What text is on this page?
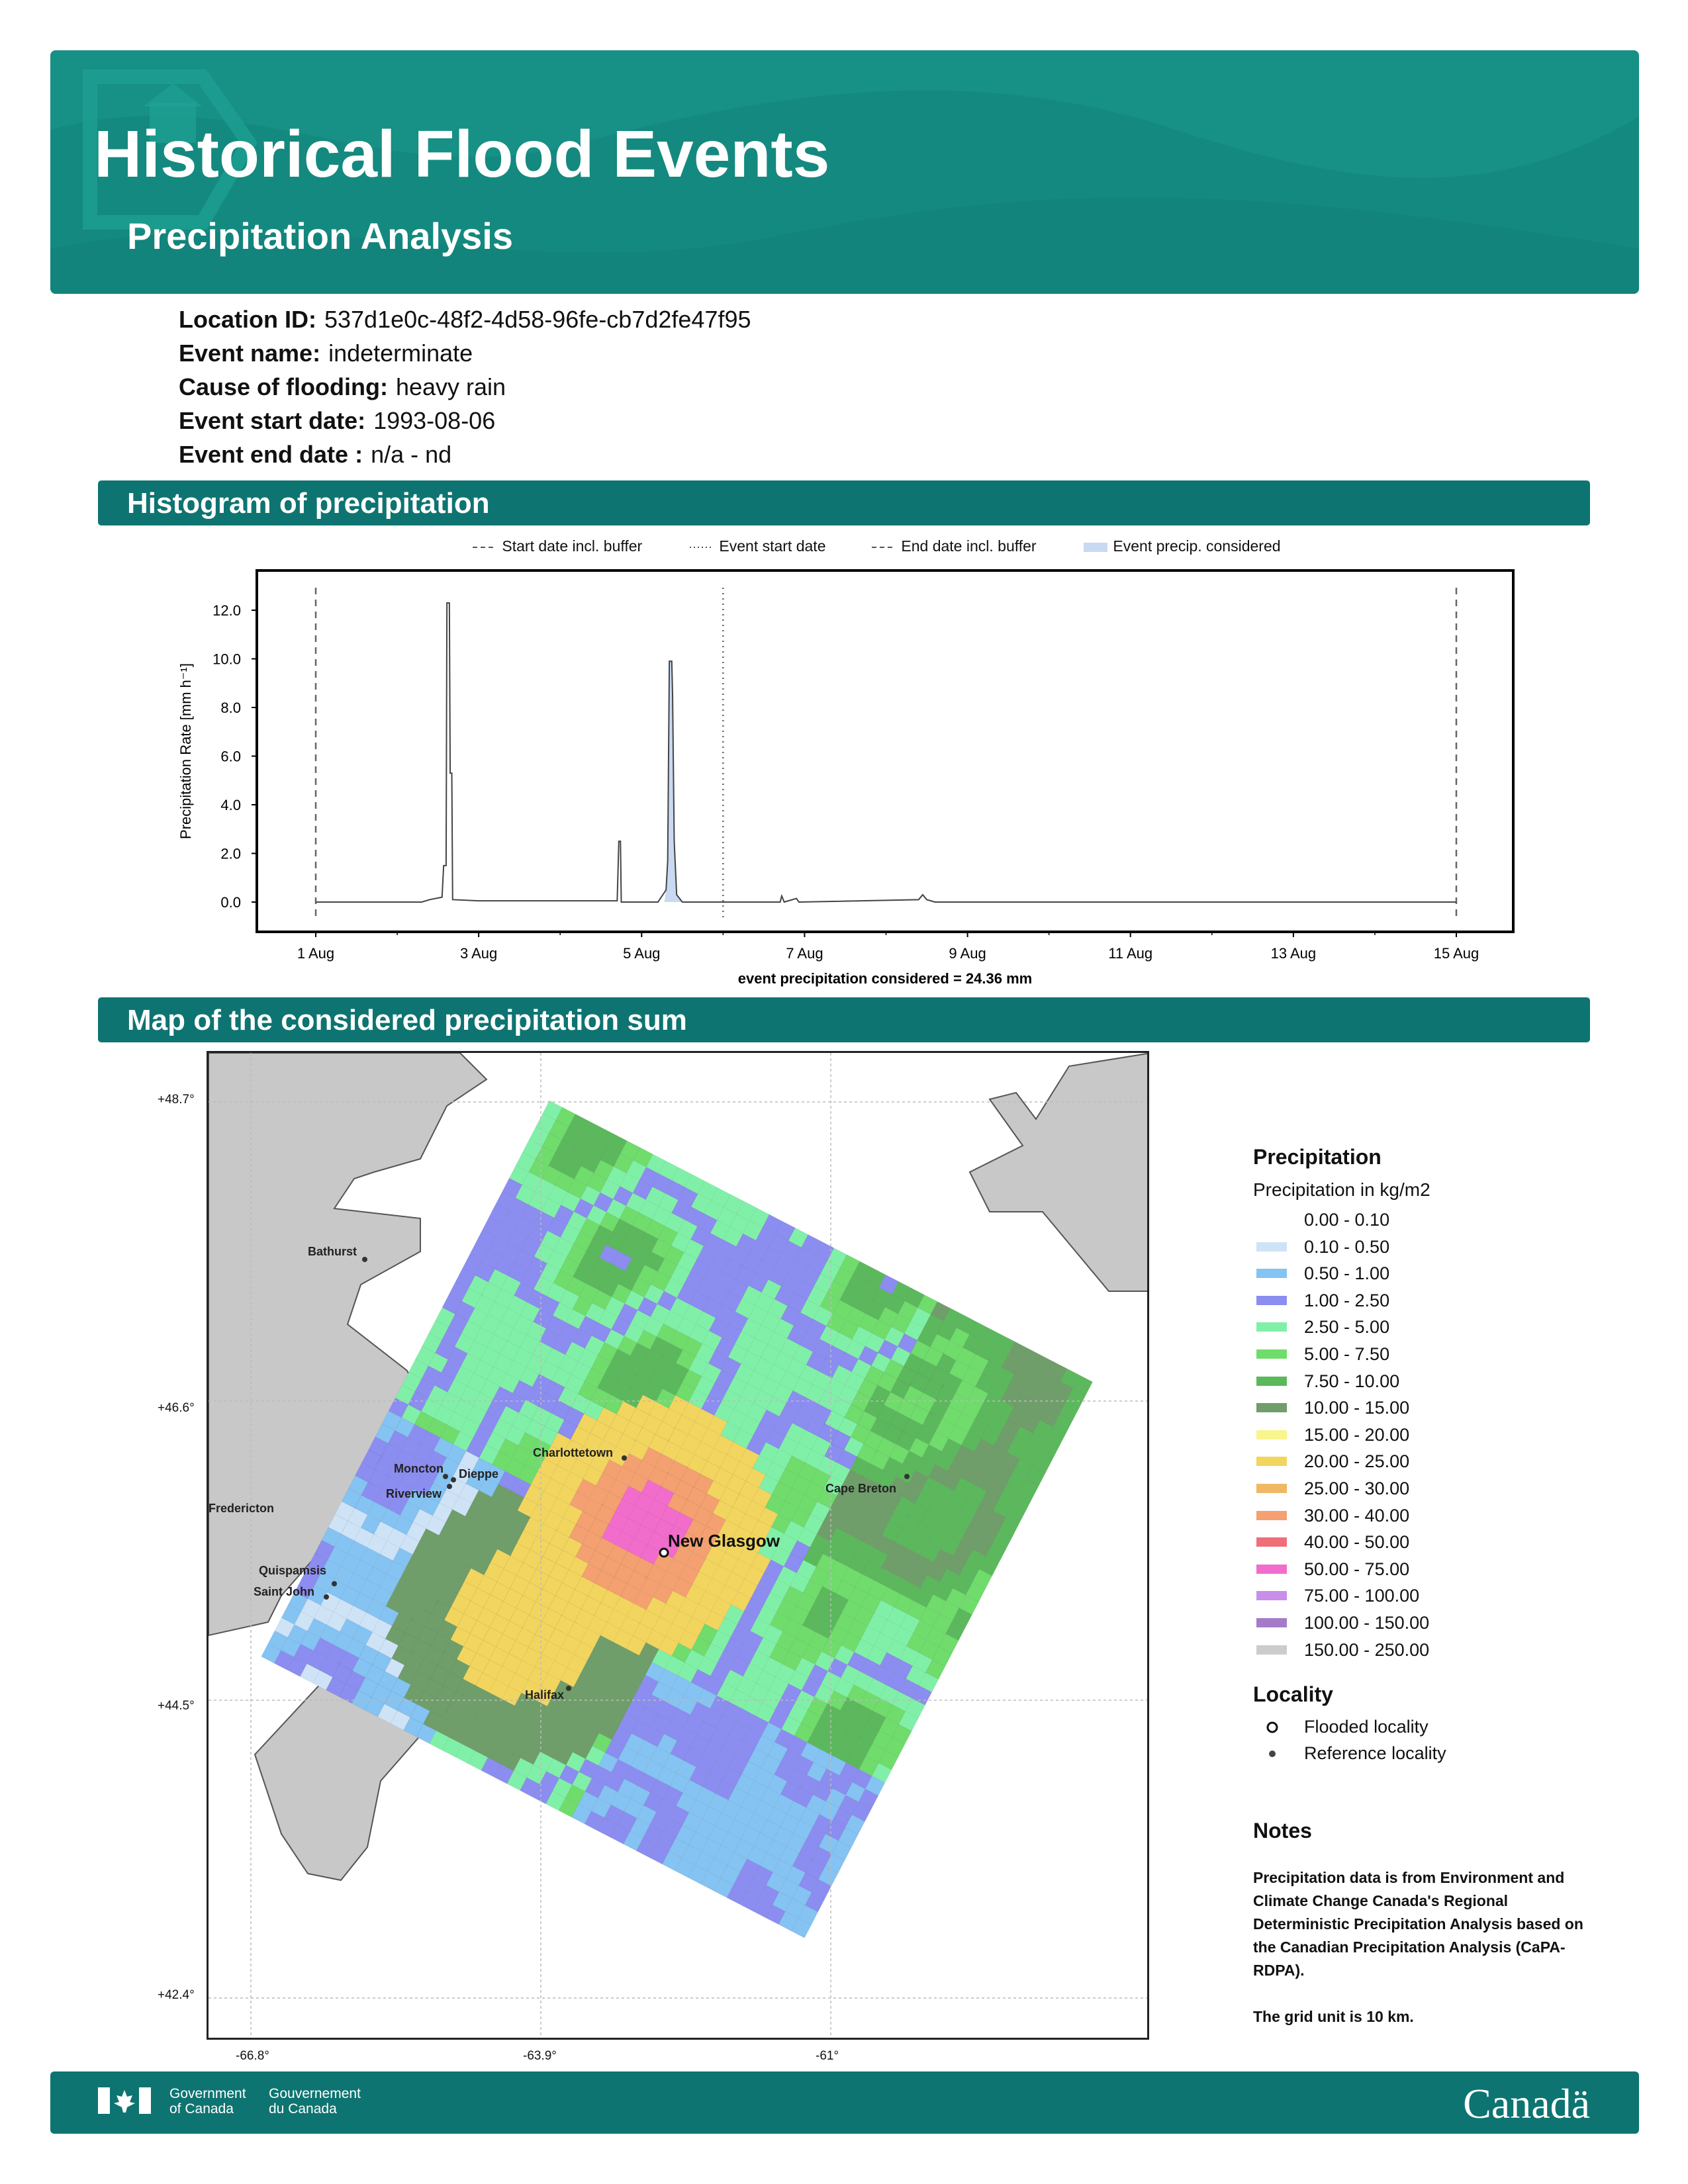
Historical Flood Events
Precipitation Analysis
Location ID: 537d1e0c-48f2-4d58-96fe-cb7d2fe47f95
Event name: indeterminate
Cause of flooding: heavy rain
Event start date: 1993-08-06
Event end date : n/a - nd
Histogram of precipitation
Start date incl. buffer	Event start date	End date incl. buffer	Event precip. considered
0.0
2.0
4.0
6.0
8.0
10.0
12.0
1 Aug	3 Aug	5 Aug	7 Aug	9 Aug	11 Aug	13 Aug	15 Aug
Precipitation Rate [mm h⁻¹]
event precipitation considered = 24.36 mm
Map of the considered precipitation sum
Bathurst
Moncton Dieppe
Riverview
Charlottetown
Fredericton
Cape Breton
Quispamsis
Saint John
Halifax
New Glasgow
+48.7°
+46.6°
+44.5°
+42.4°
-66.8°	-63.9°	-61°
Precipitation
Precipitation in kg/m2
0.00 - 0.10
0.10 - 0.50
0.50 - 1.00
1.00 - 2.50
2.50 - 5.00
5.00 - 7.50
7.50 - 10.00
10.00 - 15.00
15.00 - 20.00
20.00 - 25.00
25.00 - 30.00
30.00 - 40.00
40.00 - 50.00
50.00 - 75.00
75.00 - 100.00
100.00 - 150.00
150.00 - 250.00
Locality
Flooded locality
Reference locality
Notes
Precipitation data is from Environment and Climate Change Canada's Regional Deterministic Precipitation Analysis based on the Canadian Precipitation Analysis (CaPA-RDPA).

The grid unit is 10 km.
Government
of Canada
Gouvernement
du Canada	Canadä
